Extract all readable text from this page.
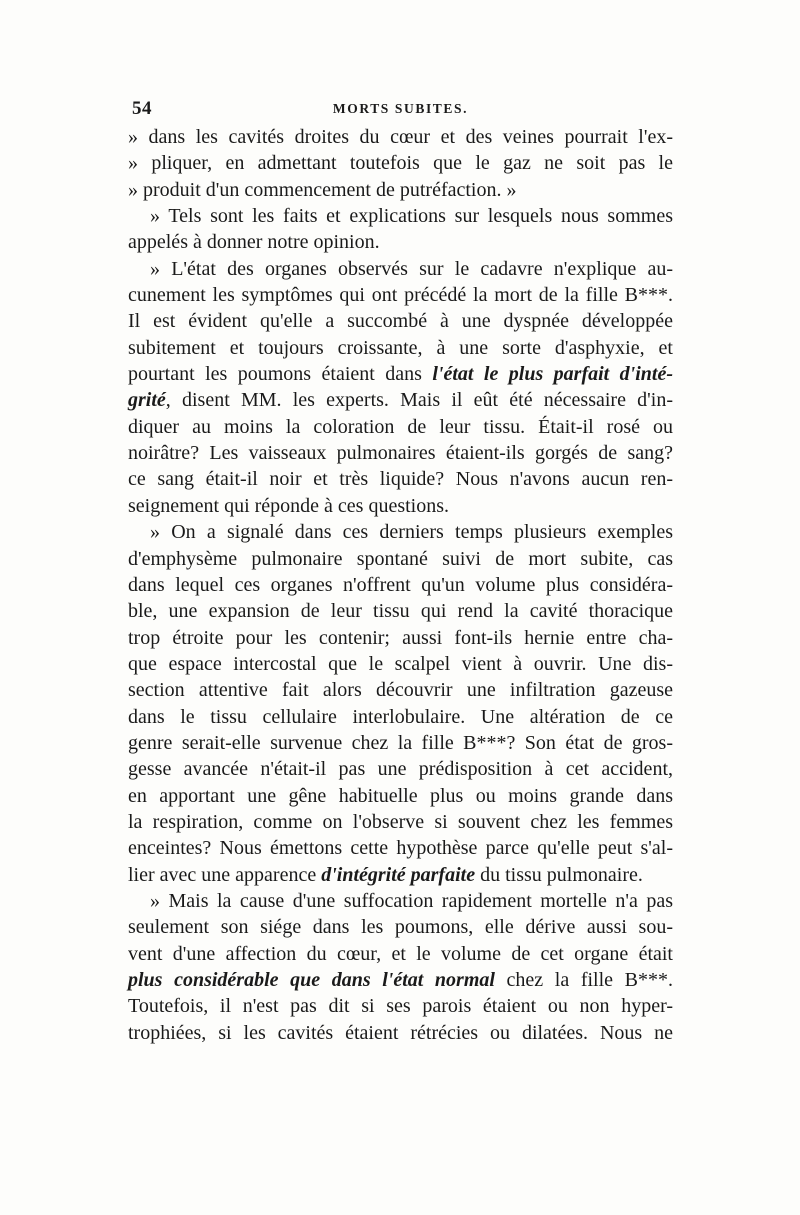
54	MORTS SUBITES.
» dans les cavités droites du cœur et des veines pourrait l'ex-
» pliquer, en admettant toutefois que le gaz ne soit pas le
» produit d'un commencement de putréfaction. »
» Tels sont les faits et explications sur lesquels nous sommes
appelés à donner notre opinion.
» L'état des organes observés sur le cadavre n'explique au-
cunement les symptômes qui ont précédé la mort de la fille B***.
Il est évident qu'elle a succombé à une dyspnée développée
subitement et toujours croissante, à une sorte d'asphyxie, et
pourtant les poumons étaient dans l'état le plus parfait d'inté-
grité, disent MM. les experts. Mais il eût été nécessaire d'in-
diquer au moins la coloration de leur tissu. Était-il rosé ou
noirâtre? Les vaisseaux pulmonaires étaient-ils gorgés de sang?
ce sang était-il noir et très liquide? Nous n'avons aucun ren-
seignement qui réponde à ces questions.
» On a signalé dans ces derniers temps plusieurs exemples
d'emphysème pulmonaire spontané suivi de mort subite, cas
dans lequel ces organes n'offrent qu'un volume plus considéra-
ble, une expansion de leur tissu qui rend la cavité thoracique
trop étroite pour les contenir; aussi font-ils hernie entre cha-
que espace intercostal que le scalpel vient à ouvrir. Une dis-
section attentive fait alors découvrir une infiltration gazeuse
dans le tissu cellulaire interlobulaire. Une altération de ce
genre serait-elle survenue chez la fille B***? Son état de gros-
gesse avancée n'était-il pas une prédisposition à cet accident,
en apportant une gêne habituelle plus ou moins grande dans
la respiration, comme on l'observe si souvent chez les femmes
enceintes? Nous émettons cette hypothèse parce qu'elle peut s'al-
lier avec une apparence d'intégrité parfaite du tissu pulmonaire.
» Mais la cause d'une suffocation rapidement mortelle n'a pas
seulement son siége dans les poumons, elle dérive aussi sou-
vent d'une affection du cœur, et le volume de cet organe était
plus considérable que dans l'état normal chez la fille B***.
Toutefois, il n'est pas dit si ses parois étaient ou non hyper-
trophiées, si les cavités étaient rétrécies ou dilatées. Nous ne
